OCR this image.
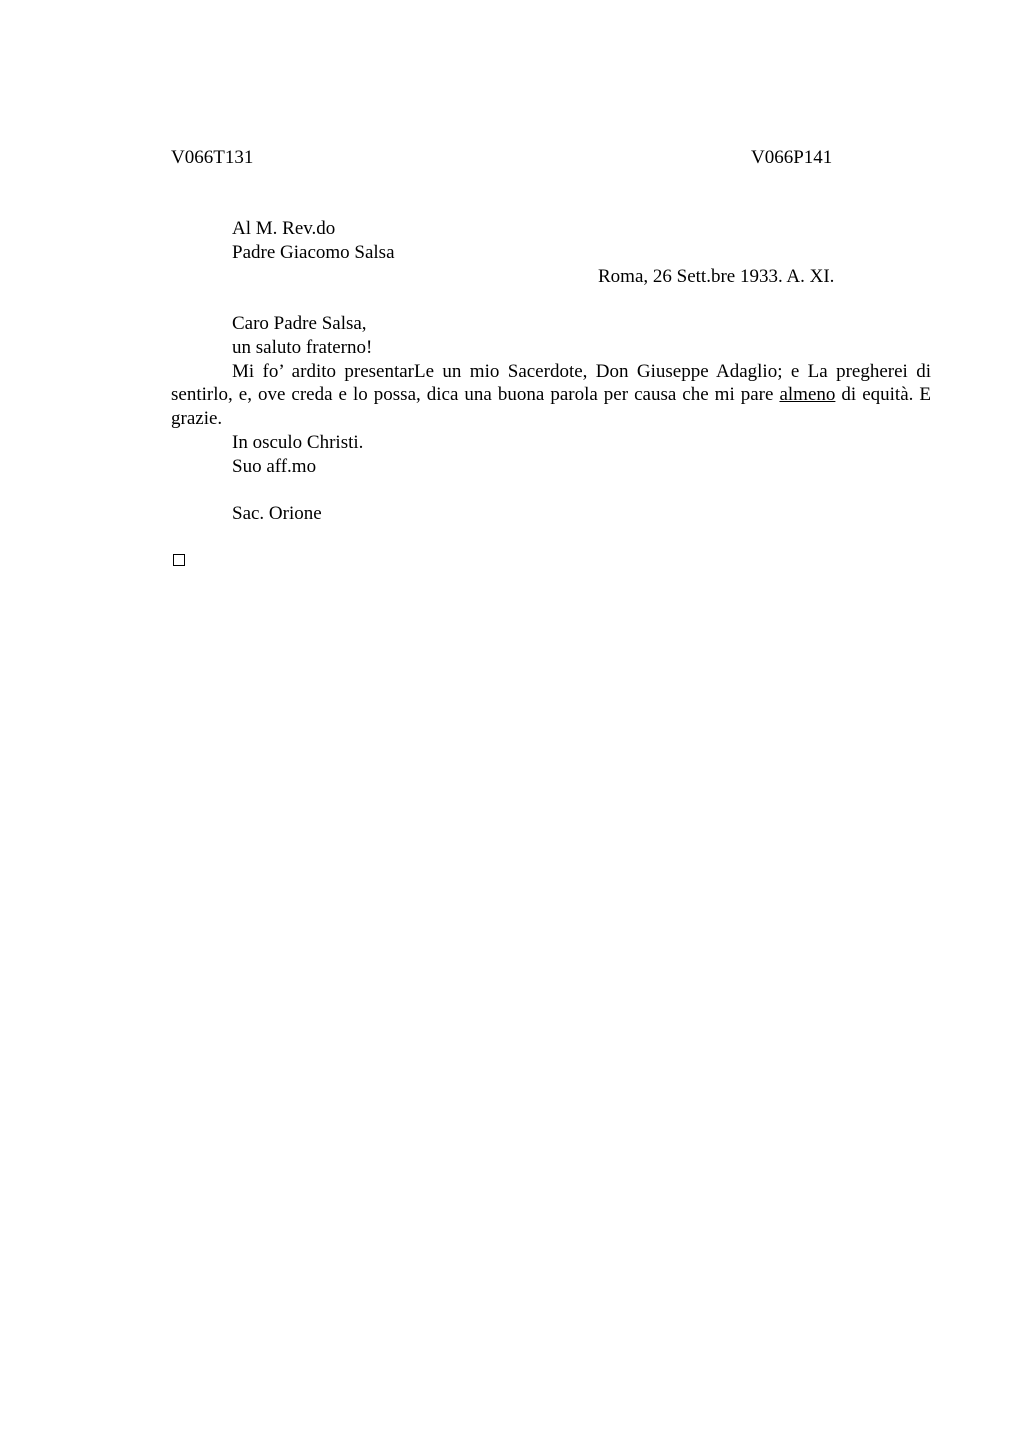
V066T131	V066P141
Al M. Rev.do
Padre Giacomo Salsa
Roma, 26 Sett.bre 1933. A. XI.
Caro Padre Salsa,
un saluto fraterno!
Mi fo’ ardito presentarLe un mio Sacerdote, Don Giuseppe Adaglio; e La pregherei di sentirlo, e, ove creda e lo possa, dica una buona parola per causa che mi pare almeno di equità. E grazie.
In osculo Christi.
Suo aff.mo
Sac. Orione
